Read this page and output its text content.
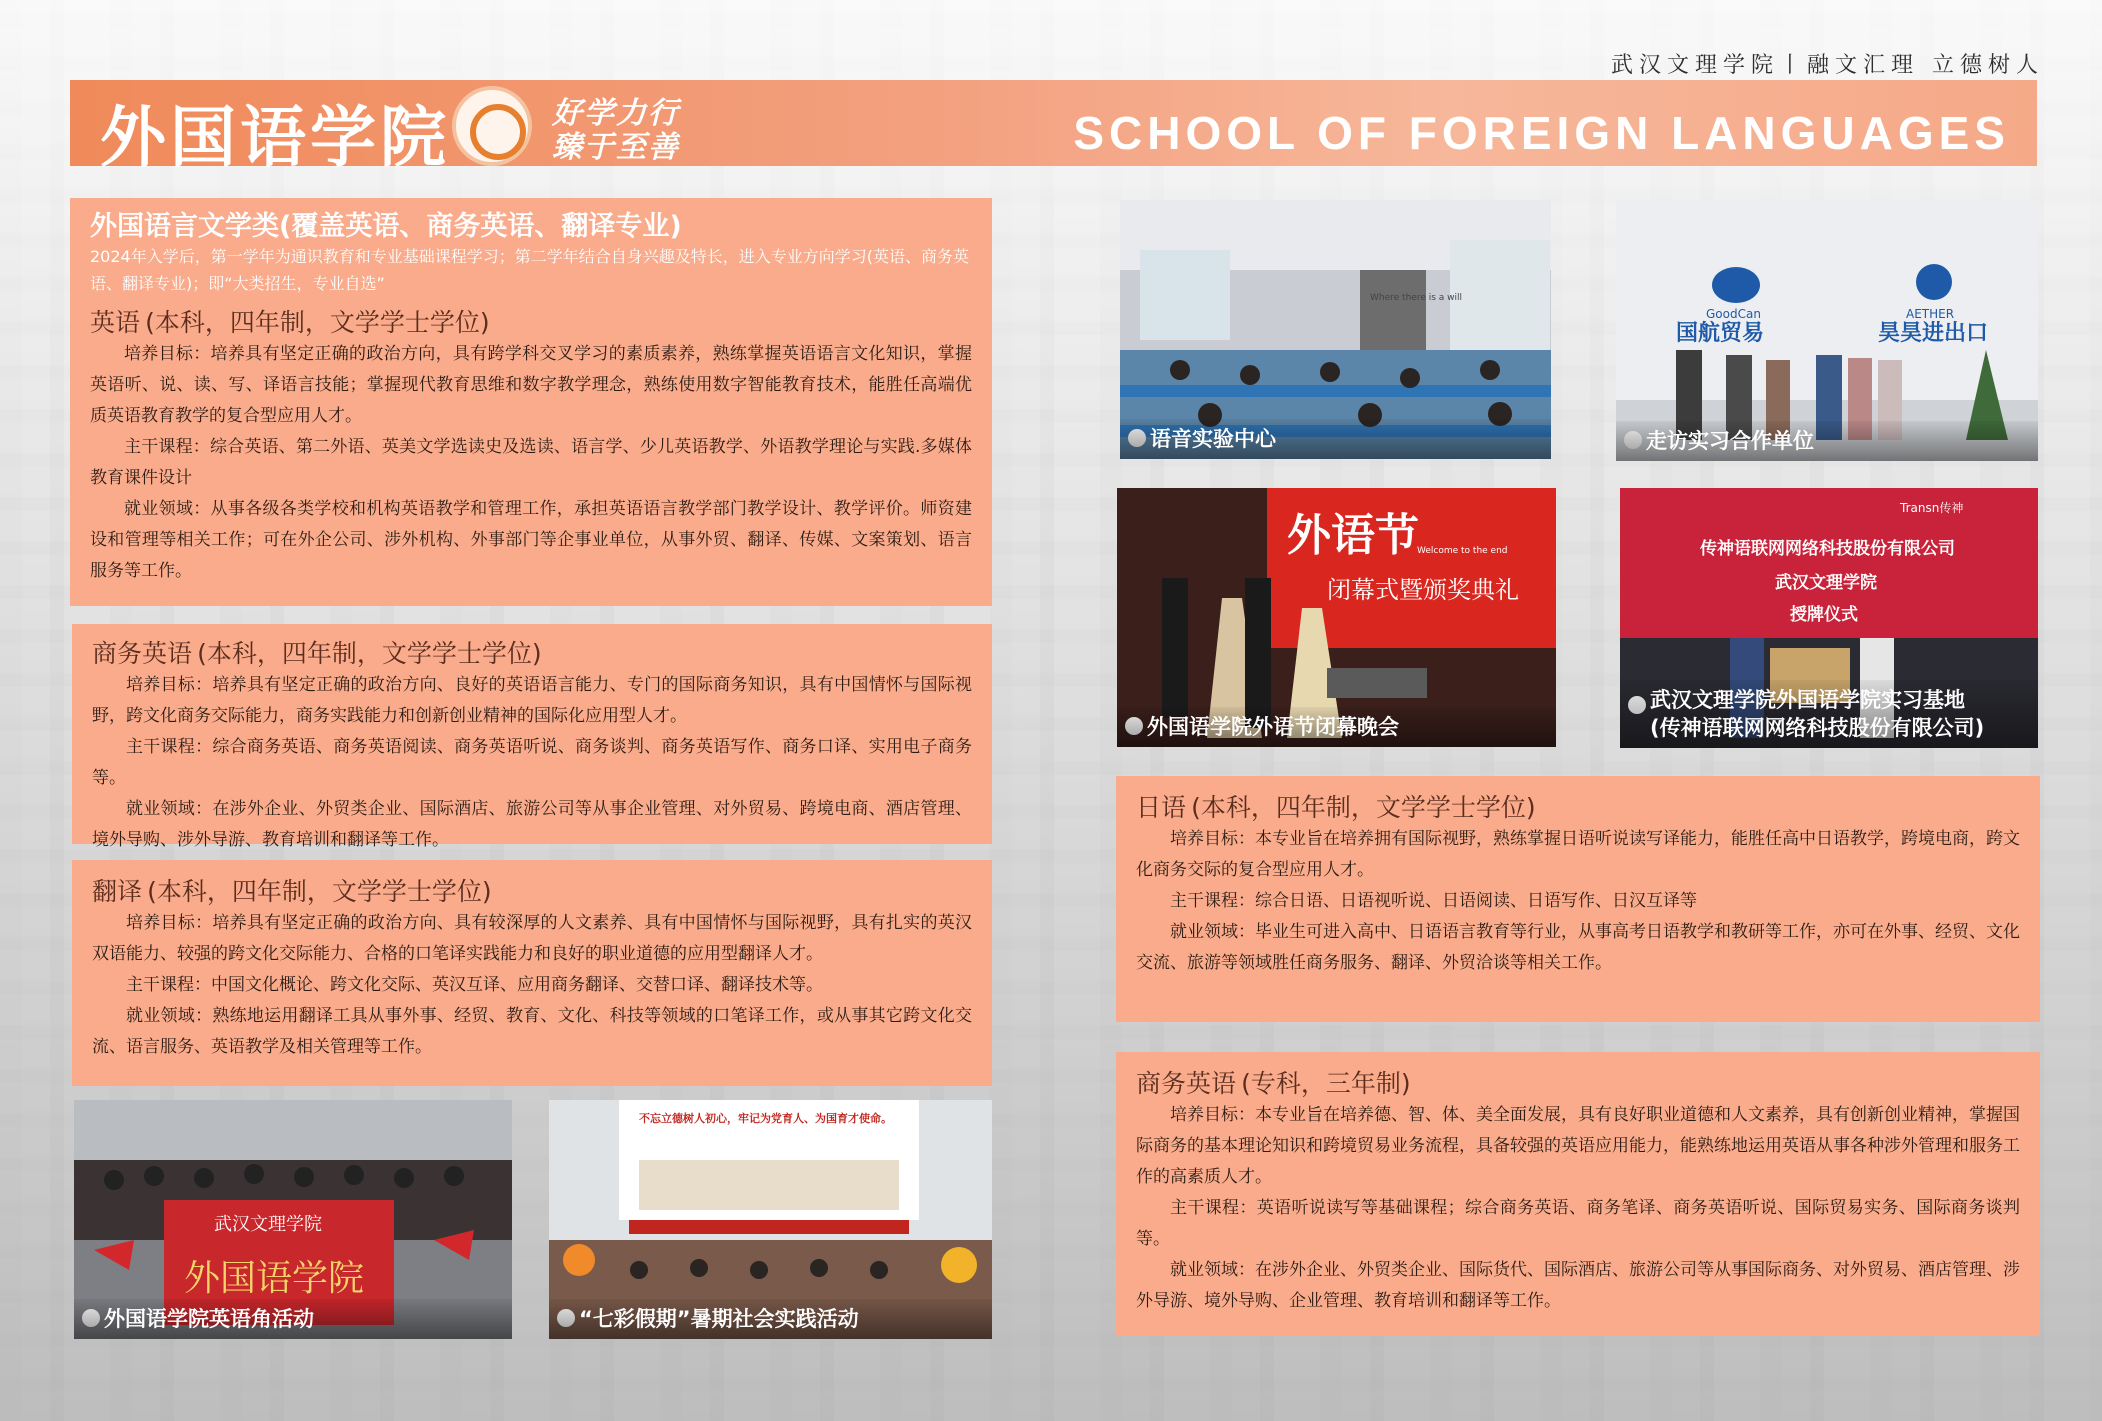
武汉文理学院丨融文汇理 立德树人
外国语学院	好学力行
臻于至善	SCHOOL OF FOREIGN LANGUAGES
外国语言文学类(覆盖英语、商务英语、翻译专业)

2024年入学后，第一学年为通识教育和专业基础课程学习；第二学年结合自身兴趣及特长，进入专业方向学习(英语、商务英语、翻译专业)；即“大类招生，专业自选”

英语 (本科，四年制，文学学士学位)

培养目标：培养具有坚定正确的政治方向，具有跨学科交叉学习的素质素养，熟练掌握英语语言文化知识，掌握英语听、说、读、写、译语言技能；掌握现代教育思维和数字教学理念，熟练使用数字智能教育技术，能胜任高端优质英语教育教学的复合型应用人才。

主干课程：综合英语、第二外语、英美文学选读史及选读、语言学、少儿英语教学、外语教学理论与实践.多媒体教育课件设计

就业领域：从事各级各类学校和机构英语教学和管理工作，承担英语语言教学部门教学设计、教学评价。师资建设和管理等相关工作；可在外企公司、涉外机构、外事部门等企事业单位，从事外贸、翻译、传媒、文案策划、语言服务等工作。

商务英语 (本科，四年制，文学学士学位)

培养目标：培养具有坚定正确的政治方向、良好的英语语言能力、专门的国际商务知识，具有中国情怀与国际视野，跨文化商务交际能力，商务实践能力和创新创业精神的国际化应用型人才。

主干课程：综合商务英语、商务英语阅读、商务英语听说、商务谈判、商务英语写作、商务口译、实用电子商务等。

就业领域：在涉外企业、外贸类企业、国际酒店、旅游公司等从事企业管理、对外贸易、跨境电商、酒店管理、境外导购、涉外导游、教育培训和翻译等工作。

翻译 (本科，四年制，文学学士学位)

培养目标：培养具有坚定正确的政治方向、具有较深厚的人文素养、具有中国情怀与国际视野，具有扎实的英汉双语能力、较强的跨文化交际能力、合格的口笔译实践能力和良好的职业道德的应用型翻译人才。

主干课程：中国文化概论、跨文化交际、英汉互译、应用商务翻译、交替口译、翻译技术等。

就业领域：熟练地运用翻译工具从事外事、经贸、教育、文化、科技等领域的口笔译工作，或从事其它跨文化交流、语言服务、英语教学及相关管理等工作。

日语 (本科，四年制，文学学士学位)

培养目标：本专业旨在培养拥有国际视野，熟练掌握日语听说读写译能力，能胜任高中日语教学，跨境电商，跨文化商务交际的复合型应用人才。

主干课程：综合日语、日语视听说、日语阅读、日语写作、日汉互译等

就业领域：毕业生可进入高中、日语语言教育等行业，从事高考日语教学和教研等工作，亦可在外事、经贸、文化交流、旅游等领域胜任商务服务、翻译、外贸洽谈等相关工作。

商务英语 (专科，三年制)

培养目标：本专业旨在培养德、智、体、美全面发展，具有良好职业道德和人文素养，具有创新创业精神，掌握国际商务的基本理论知识和跨境贸易业务流程，具备较强的英语应用能力，能熟练地运用英语从事各种涉外管理和服务工作的高素质人才。

主干课程：英语听说读写等基础课程；综合商务英语、商务笔译、商务英语听说、国际贸易实务、国际商务谈判等。

就业领域：在涉外企业、外贸类企业、国际货代、国际酒店、旅游公司等从事国际商务、对外贸易、酒店管理、涉外导游、境外导购、企业管理、教育培训和翻译等工作。

Where there is a will
语音实验中心
GoodCan
国航贸易
AETHER
昊昊进出口
走访实习合作单位
外语节
Welcome to the end
闭幕式暨颁奖典礼
外国语学院外语节闭幕晚会
Transn传神
传神语联网网络科技股份有限公司
武汉文理学院
授牌仪式
武汉文理学院外国语学院实习基地
(传神语联网网络科技股份有限公司)
武汉文理学院
外国语学院
外国语学院英语角活动
不忘立德树人初心，牢记为党育人、为国育才使命。
“七彩假期”暑期社会实践活动
